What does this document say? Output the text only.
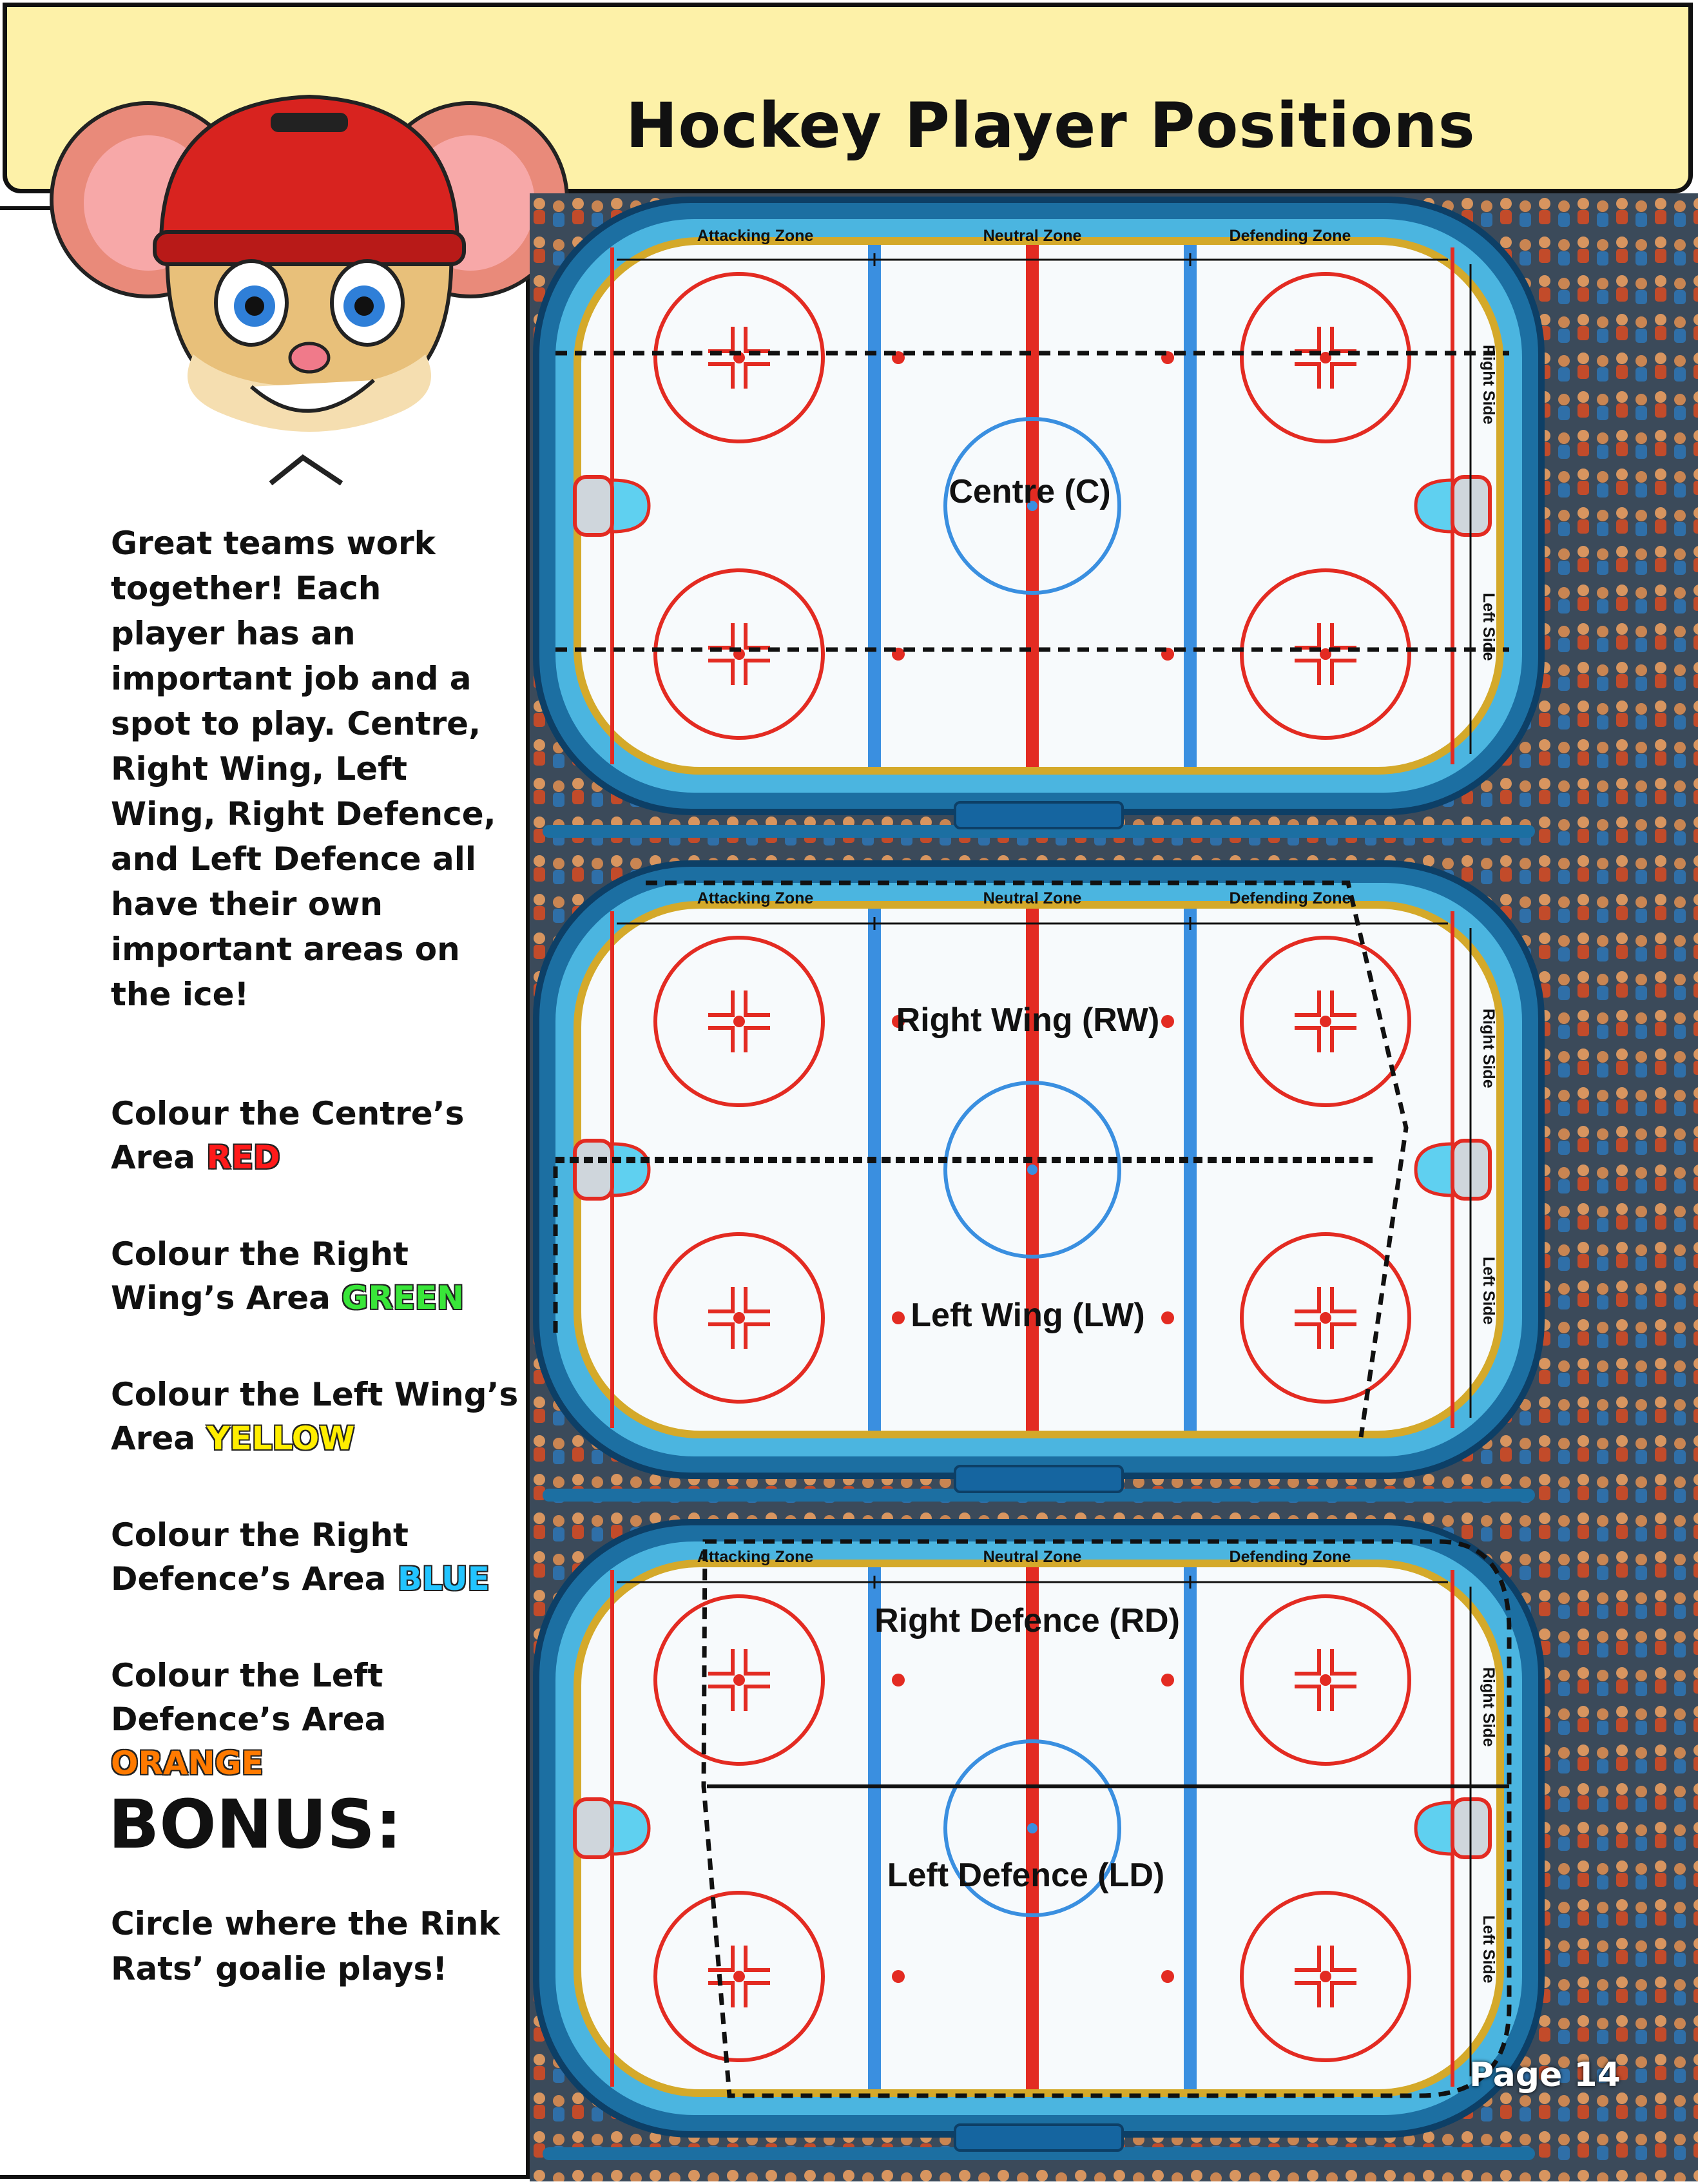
Hockey Player Positions
Great teams work together! Each player has an important job and a spot to play. Centre, Right Wing, Left Wing, Right Defence, and Left Defence all have their own important areas on the ice!
Colour the Centre’s Area RED
Colour the Right Wing’s Area GREEN
Colour the Left Wing’s Area YELLOW
Colour the Right Defence’s Area BLUE
Colour the Left Defence’s Area ORANGE
BONUS:
Circle where the Rink Rats’ goalie plays!
Attacking Zone	Neutral Zone	Defending Zone
Right Side
Left Side
Centre (C)
Attacking Zone	Neutral Zone	Defending Zone
Right Side
Left Side
Right Wing (RW)
Left Wing (LW)
Attacking Zone	Neutral Zone	Defending Zone
Right Side
Left Side
Left Defence (LD)
Right Defence (RD)
Page 14
